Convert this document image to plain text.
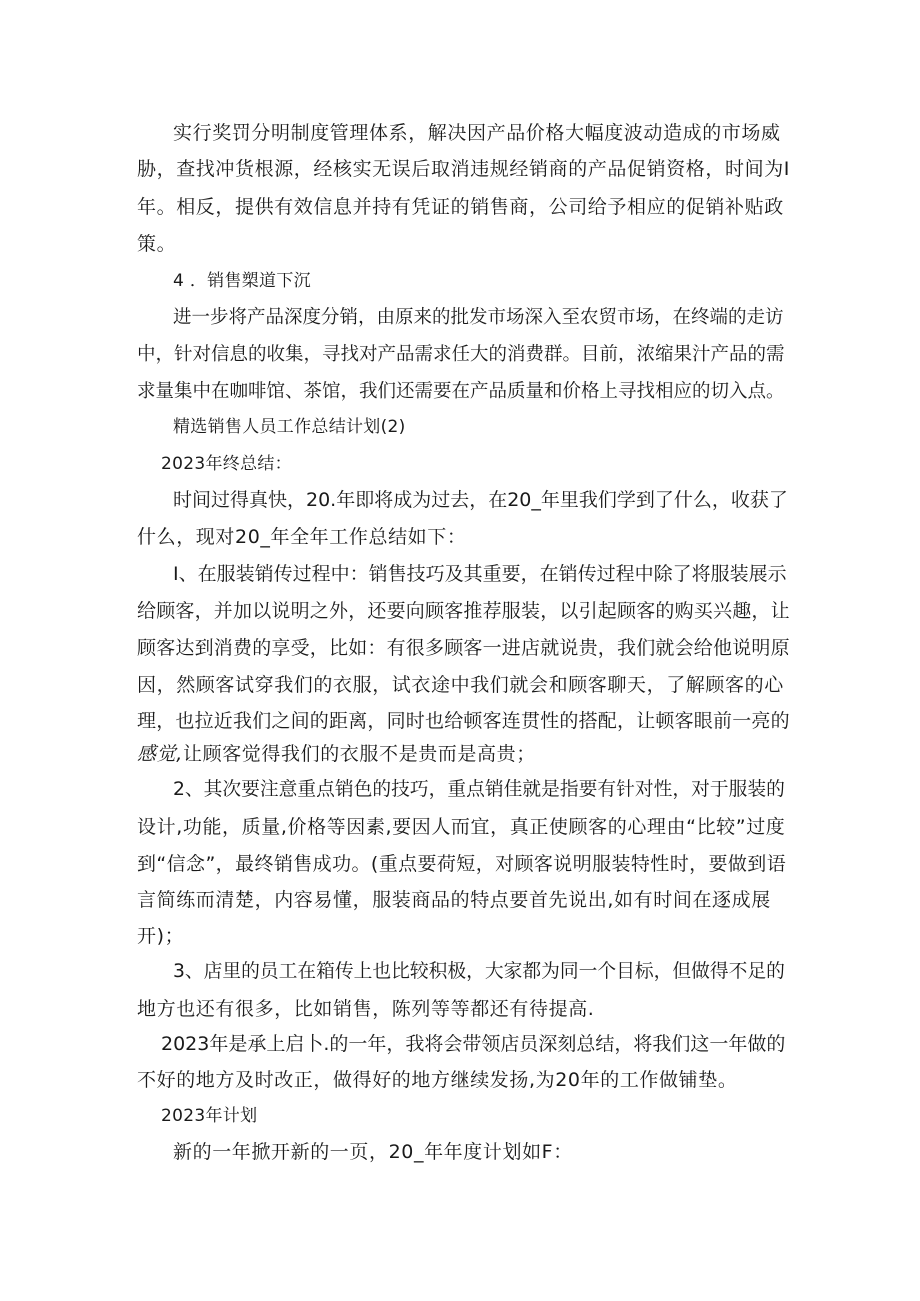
实行奖罚分明制度管理体系，解决因产品价格大幅度波动造成的市场威

胁，查找冲货根源，经核实无误后取消违规经销商的产品促销资格，时间为I

年。相反，提供有效信息并持有凭证的销售商，公司给予相应的促销补贴政

策。

4 ．销售槊道下沉

进一步将产品深度分销，由原来的批发市场深入至农贸市场，在终端的走访

中，针对信息的收集，寻找对产品需求任大的消费群。目前，浓缩果汁产品的需

求量集中在咖啡馆、茶馆，我们还需要在产品质量和价格上寻找相应的切入点。

精选销售人员工作总结计划(2)

2023年终总结：

时间过得真快，20.年即将成为过去，在20_年里我们学到了什么，收获了

什么，现对20_年全年工作总结如下：

I、在服装销传过程中：销售技巧及其重要，在销传过程中除了将服装展示

给顾客，并加以说明之外，还要向顾客推荐服装，以引起顾客的购买兴趣，让

顾客达到消费的享受，比如：有很多顾客一进店就说贵，我们就会给他说明原

因，然顾客试穿我们的衣服，试衣途中我们就会和顾客聊天，了解顾客的心

理，也拉近我们之间的距离，同时也给顿客连贯性的搭配，让顿客眼前一亮的

感觉, 让顾客觉得我们的衣服不是贵而是高贵；

2、其次要注意重点销色的技巧，重点销佳就是指要有针对性，对于服装的

设计,功能，质量,价格等因素,要因人而宜，真正使顾客的心理由“比较”过度

到“信念”，最终销售成功。(重点要荷短，对顾客说明服装特性时，要做到语

言简练而清楚，内容易懂，服装商品的特点要首先说出,如有时间在逐成展

开)；

3、店里的员工在箱传上也比较积极，大家都为同一个目标，但做得不足的

地方也还有很多，比如销售，陈列等等都还有待提高.

2023年是承上启卜.的一年，我将会带领店员深刻总结，将我们这一年做的

不好的地方及时改正，做得好的地方继续发扬,为20年的工作做铺垫。

2023年计划

新的一年掀开新的一页，20_年年度计划如F：
